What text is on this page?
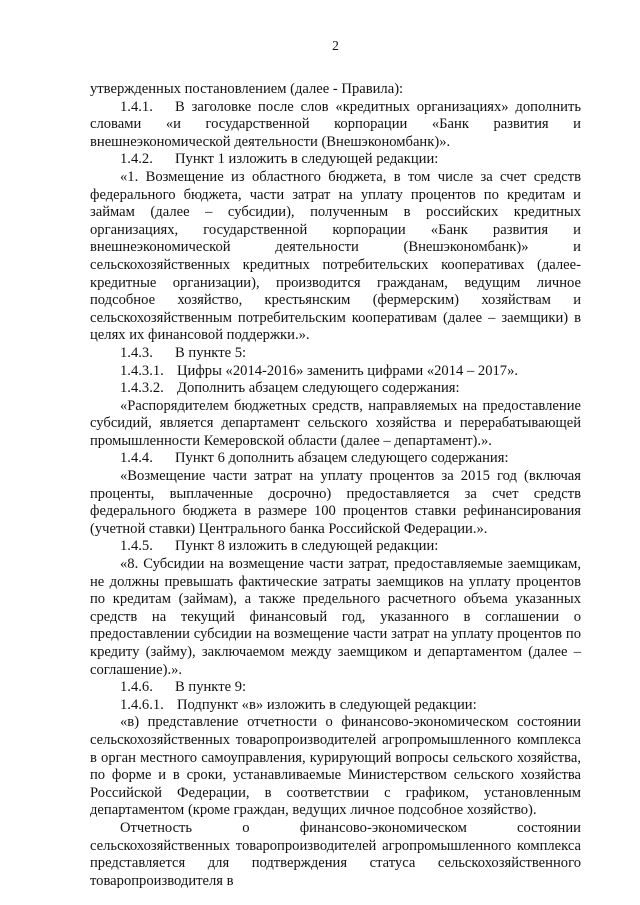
2

утвержденных постановлением (далее - Правила):

1.4.1. В заголовке после слов «кредитных организациях» дополнить словами «и государственной корпорации «Банк развития и внешнеэкономической деятельности (Внешэкономбанк)».

1.4.2. Пункт 1 изложить в следующей редакции:

«1. Возмещение из областного бюджета, в том числе за счет средств федерального бюджета, части затрат на уплату процентов по кредитам и займам (далее – субсидии), полученным в российских кредитных организациях, государственной корпорации «Банк развития и внешнеэкономической деятельности (Внешэкономбанк)» и сельскохозяйственных кредитных потребительских кооперативах (далее-кредитные организации), производится гражданам, ведущим личное подсобное хозяйство, крестьянским (фермерским) хозяйствам и сельскохозяйственным потребительским кооперативам (далее – заемщики) в целях их финансовой поддержки.».

1.4.3. В пункте 5:

1.4.3.1. Цифры «2014-2016» заменить цифрами «2014 – 2017».

1.4.3.2. Дополнить абзацем следующего содержания:

«Распорядителем бюджетных средств, направляемых на предоставление субсидий, является департамент сельского хозяйства и перерабатывающей промышленности Кемеровской области (далее – департамент).».

1.4.4. Пункт 6 дополнить абзацем следующего содержания:

«Возмещение части затрат на уплату процентов за 2015 год (включая проценты, выплаченные досрочно) предоставляется за счет средств федерального бюджета в размере 100 процентов ставки рефинансирования (учетной ставки) Центрального банка Российской Федерации.».

1.4.5. Пункт 8 изложить в следующей редакции:

«8. Субсидии на возмещение части затрат, предоставляемые заемщикам, не должны превышать фактические затраты заемщиков на уплату процентов по кредитам (займам), а также предельного расчетного объема указанных средств на текущий финансовый год, указанного в соглашении о предоставлении субсидии на возмещение части затрат на уплату процентов по кредиту (займу), заключаемом между заемщиком и департаментом (далее – соглашение).».

1.4.6. В пункте 9:

1.4.6.1. Подпункт «в» изложить в следующей редакции:

«в) представление отчетности о финансово-экономическом состоянии сельскохозяйственных товаропроизводителей агропромышленного комплекса в орган местного самоуправления, курирующий вопросы сельского хозяйства, по форме и в сроки, устанавливаемые Министерством сельского хозяйства Российской Федерации, в соответствии с графиком, установленным департаментом (кроме граждан, ведущих личное подсобное хозяйство).

Отчетность о финансово-экономическом состоянии сельскохозяйственных товаропроизводителей агропромышленного комплекса представляется для подтверждения статуса сельскохозяйственного товаропроизводителя в
